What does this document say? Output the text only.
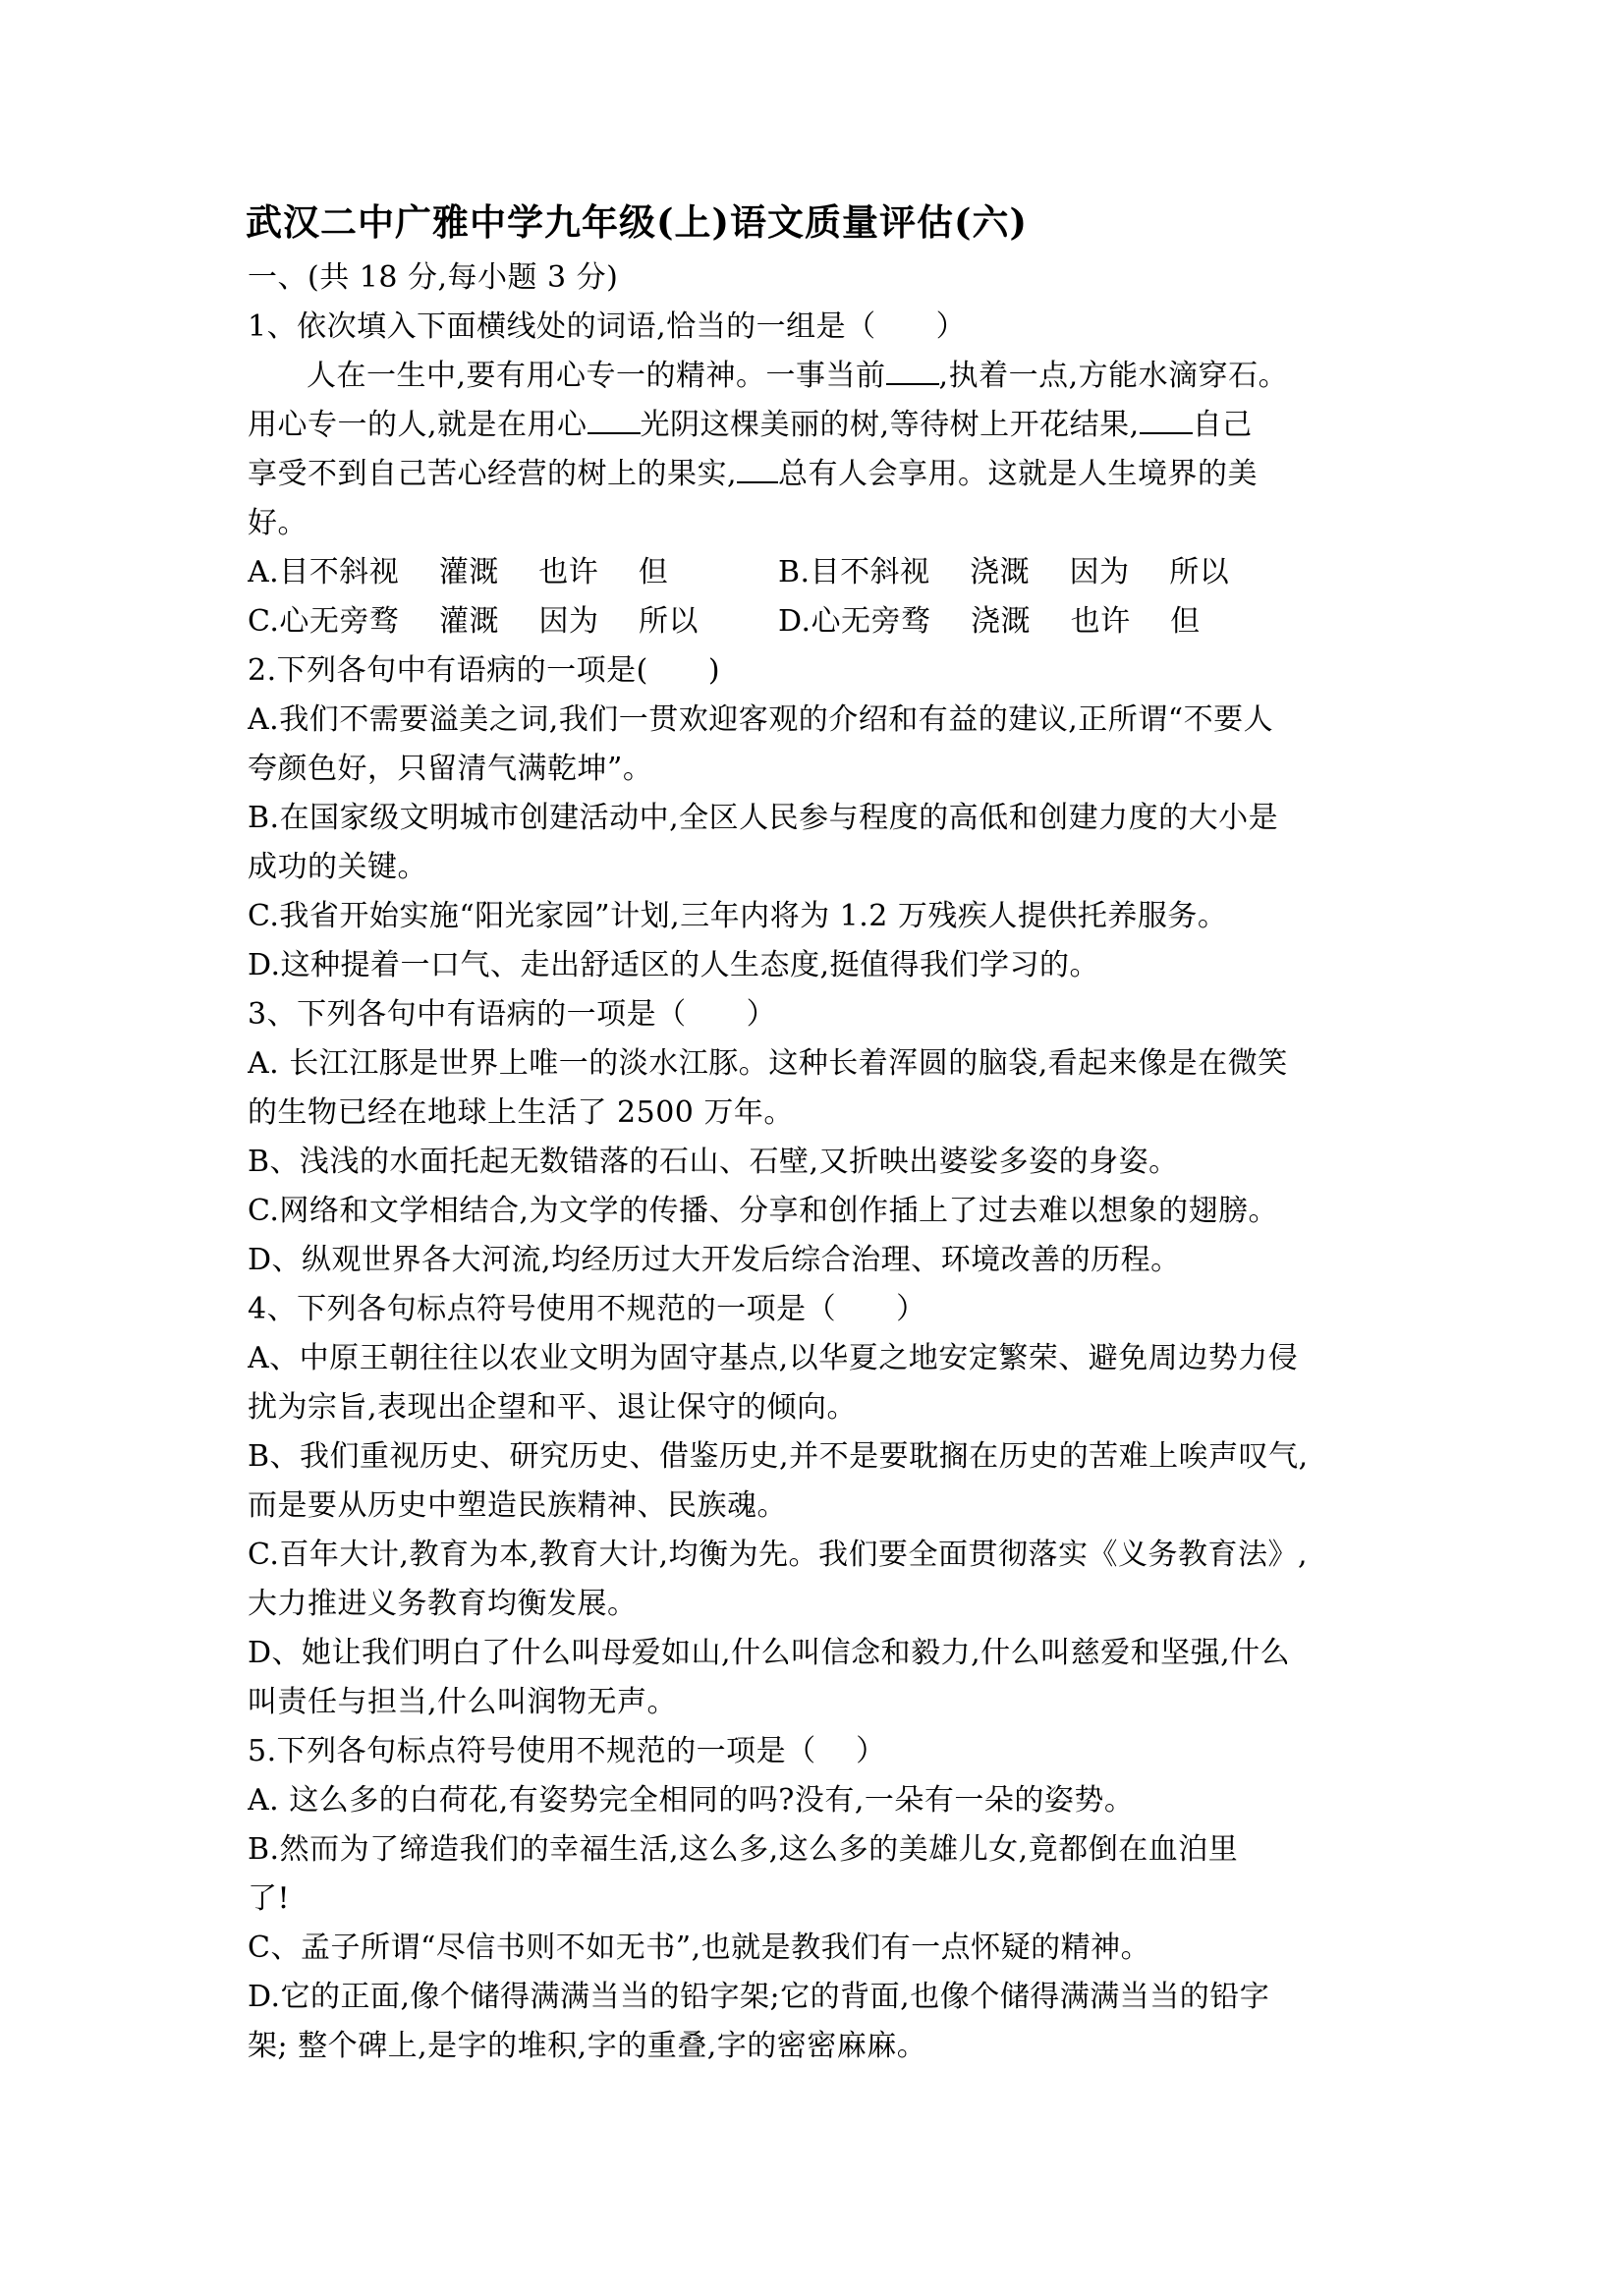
武汉二中广雅中学九年级(上)语文质量评估(六)
一、(共 18 分,每小题 3 分)
1、依次填入下面横线处的词语,恰当的一组是（　　）
人在一生中,要有用心专一的精神。一事当前 ,执着一点,方能水滴穿石。
用心专一的人,就是在用心 光阴这棵美丽的树,等待树上开花结果, 自己
享受不到自己苦心经营的树上的果实, 总有人会享用。这就是人生境界的美
好。
A.目不斜视　 灌溉　 也许　 但	B.目不斜视　 浇溉　 因为　 所以
C.心无旁骛　 灌溉　 因为　 所以	D.心无旁骛　 浇溉　 也许　 但
2.下列各句中有语病的一项是(　　)
A.我们不需要溢美之词,我们一贯欢迎客观的介绍和有益的建议,正所谓“不要人
夸颜色好，只留清气满乾坤”。
B.在国家级文明城市创建活动中,全区人民参与程度的高低和创建力度的大小是
成功的关键。
C.我省开始实施“阳光家园”计划,三年内将为 1.2 万残疾人提供托养服务。
D.这种提着一口气、走出舒适区的人生态度,挺值得我们学习的。
3、下列各句中有语病的一项是（　　）
A. 长江江豚是世界上唯一的淡水江豚。这种长着浑圆的脑袋,看起来像是在微笑
的生物已经在地球上生活了 2500 万年。
B、浅浅的水面托起无数错落的石山、石壁,又折映出婆娑多姿的身姿。
C.网络和文学相结合,为文学的传播、分享和创作插上了过去难以想象的翅膀。
D、纵观世界各大河流,均经历过大开发后综合治理、环境改善的历程。
4、下列各句标点符号使用不规范的一项是（　　）
A、中原王朝往往以农业文明为固守基点,以华夏之地安定繁荣、避免周边势力侵
扰为宗旨,表现出企望和平、退让保守的倾向。
B、我们重视历史、研究历史、借鉴历史,并不是要耽搁在历史的苦难上唉声叹气,
而是要从历史中塑造民族精神、民族魂。
C.百年大计,教育为本,教育大计,均衡为先。我们要全面贯彻落实《义务教育法》,
大力推进义务教育均衡发展。
D、她让我们明白了什么叫母爱如山,什么叫信念和毅力,什么叫慈爱和坚强,什么
叫责任与担当,什么叫润物无声。
5.下列各句标点符号使用不规范的一项是（　 ）
A. 这么多的白荷花,有姿势完全相同的吗?没有,一朵有一朵的姿势。
B.然而为了缔造我们的幸福生活,这么多,这么多的美雄儿女,竟都倒在血泊里
了!
C、孟子所谓“尽信书则不如无书”,也就是教我们有一点怀疑的精神。
D.它的正面,像个储得满满当当的铅字架;它的背面,也像个储得满满当当的铅字
架; 整个碑上,是字的堆积,字的重叠,字的密密麻麻。
